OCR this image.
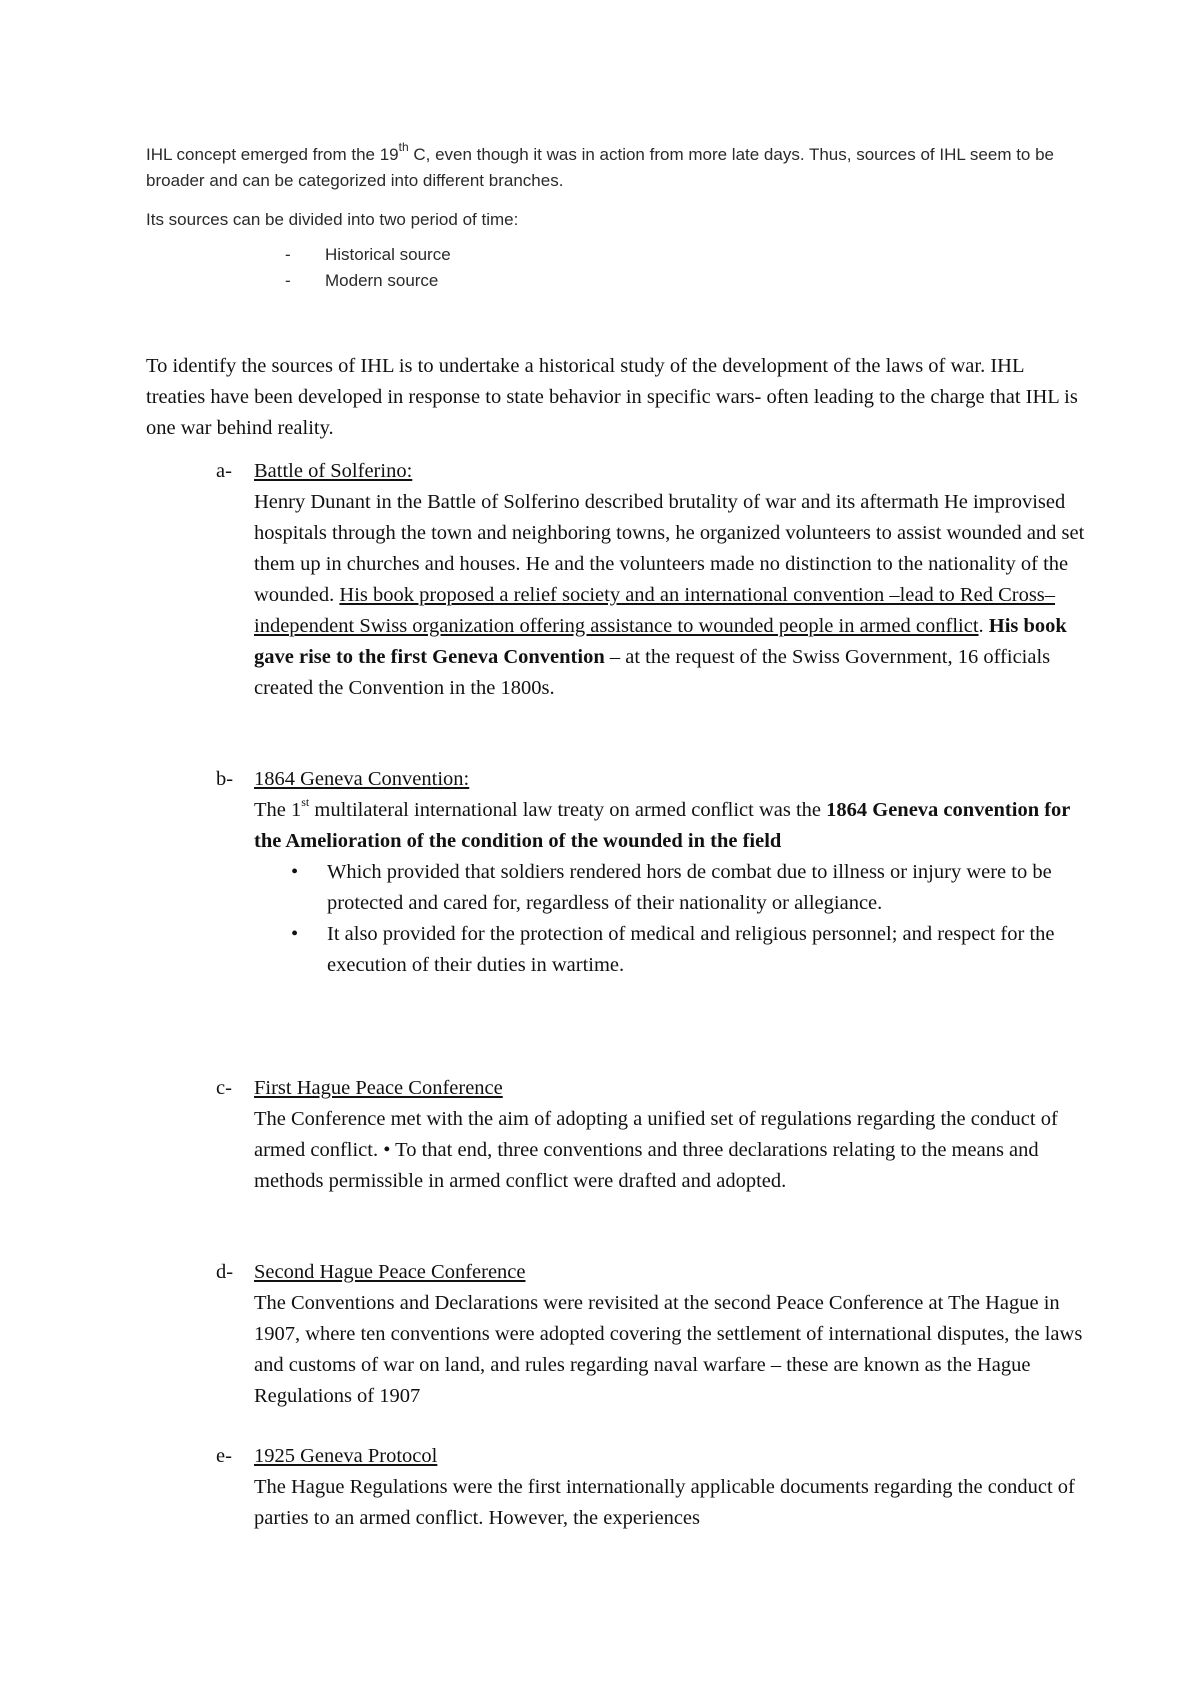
IHL concept emerged from the 19th C, even though it was in action from more late days. Thus, sources of IHL seem to be broader and can be categorized into different branches.
Its sources can be divided into two period of time:
- Historical source
- Modern source
To identify the sources of IHL is to undertake a historical study of the development of the laws of war. IHL treaties have been developed in response to state behavior in specific wars- often leading to the charge that IHL is one war behind reality.
a- Battle of Solferino:
Henry Dunant in the Battle of Solferino described brutality of war and its aftermath He improvised hospitals through the town and neighboring towns, he organized volunteers to assist wounded and set them up in churches and houses. He and the volunteers made no distinction to the nationality of the wounded. His book proposed a relief society and an international convention –lead to Red Cross– independent Swiss organization offering assistance to wounded people in armed conflict. His book gave rise to the first Geneva Convention – at the request of the Swiss Government, 16 officials created the Convention in the 1800s.
b- 1864 Geneva Convention:
The 1st multilateral international law treaty on armed conflict was the 1864 Geneva convention for the Amelioration of the condition of the wounded in the field
• Which provided that soldiers rendered hors de combat due to illness or injury were to be protected and cared for, regardless of their nationality or allegiance.
• It also provided for the protection of medical and religious personnel; and respect for the execution of their duties in wartime.
c- First Hague Peace Conference
The Conference met with the aim of adopting a unified set of regulations regarding the conduct of armed conflict. • To that end, three conventions and three declarations relating to the means and methods permissible in armed conflict were drafted and adopted.
d- Second Hague Peace Conference
The Conventions and Declarations were revisited at the second Peace Conference at The Hague in 1907, where ten conventions were adopted covering the settlement of international disputes, the laws and customs of war on land, and rules regarding naval warfare – these are known as the Hague Regulations of 1907
e- 1925 Geneva Protocol
The Hague Regulations were the first internationally applicable documents regarding the conduct of parties to an armed conflict. However, the experiences
